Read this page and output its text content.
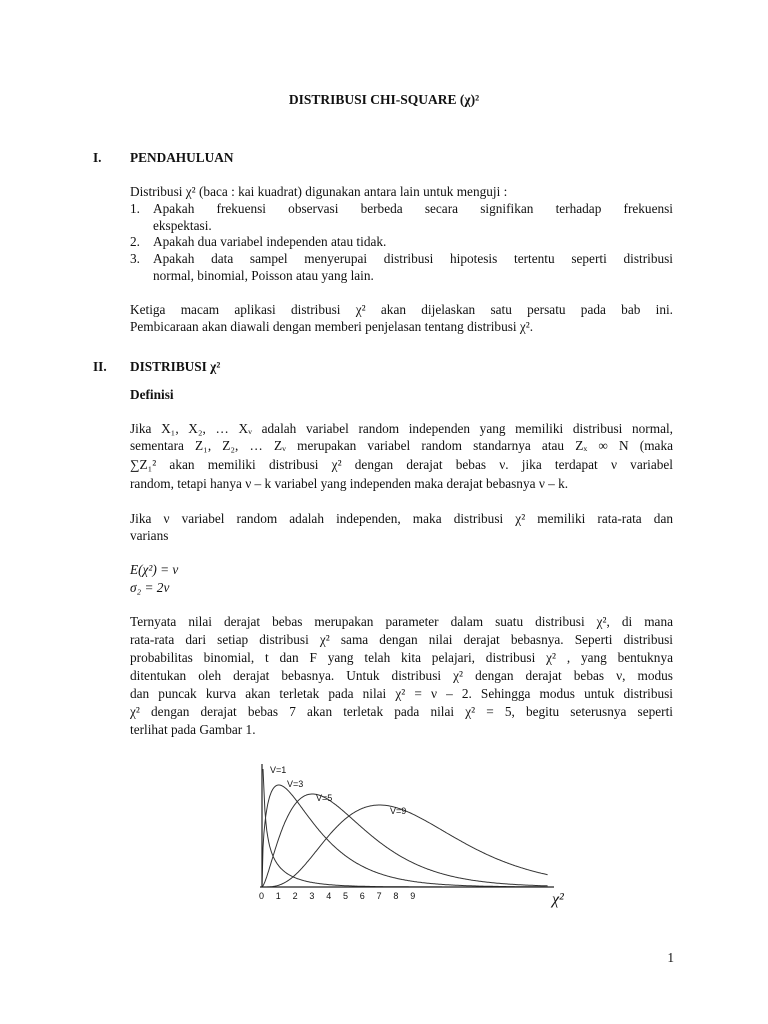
DISTRIBUSI CHI-SQUARE (χ)²
I. PENDAHULUAN
Distribusi χ² (baca : kai kuadrat) digunakan antara lain untuk menguji :
1. Apakah frekuensi observasi berbeda secara signifikan terhadap frekuensi
ekspektasi.
2. Apakah dua variabel independen atau tidak.
3. Apakah data sampel menyerupai distribusi hipotesis tertentu seperti distribusi
normal, binomial, Poisson atau yang lain.
Ketiga macam aplikasi distribusi χ² akan dijelaskan satu persatu pada bab ini.
Pembicaraan akan diawali dengan memberi penjelasan tentang distribusi χ².
II. DISTRIBUSI χ²
Definisi
Jika X₁, X₂, … Xᵥ adalah variabel random independen yang memiliki distribusi normal,
sementara Z₁, Z₂, … Zᵥ merupakan variabel random standarnya atau Zₓ ∞ N (maka
∑Z₁² akan memiliki distribusi χ² dengan derajat bebas ν. jika terdapat ν variabel
random, tetapi hanya ν – k variabel yang independen maka derajat bebasnya ν – k.
Jika ν variabel random adalah independen, maka distribusi χ² memiliki rata-rata dan
varians
E(χ²) = ν
σ₂ = 2ν
Ternyata nilai derajat bebas merupakan parameter dalam suatu distribusi χ², di mana
rata-rata dari setiap distribusi χ² sama dengan nilai derajat bebasnya. Seperti distribusi
probabilitas binomial, t dan F yang telah kita pelajari, distribusi χ² , yang bentuknya
ditentukan oleh derajat bebasnya. Untuk distribusi χ² dengan derajat bebas ν, modus
dan puncak kurva akan terletak pada nilai χ² = ν – 2. Sehingga modus untuk distribusi
χ² dengan derajat bebas 7 akan terletak pada nilai χ² = 5, begitu seterusnya seperti
terlihat pada Gambar 1.
0 1 2 3 4 5 6 7 8 9
V=1
V=3
V=5
V=9
χ²
1
